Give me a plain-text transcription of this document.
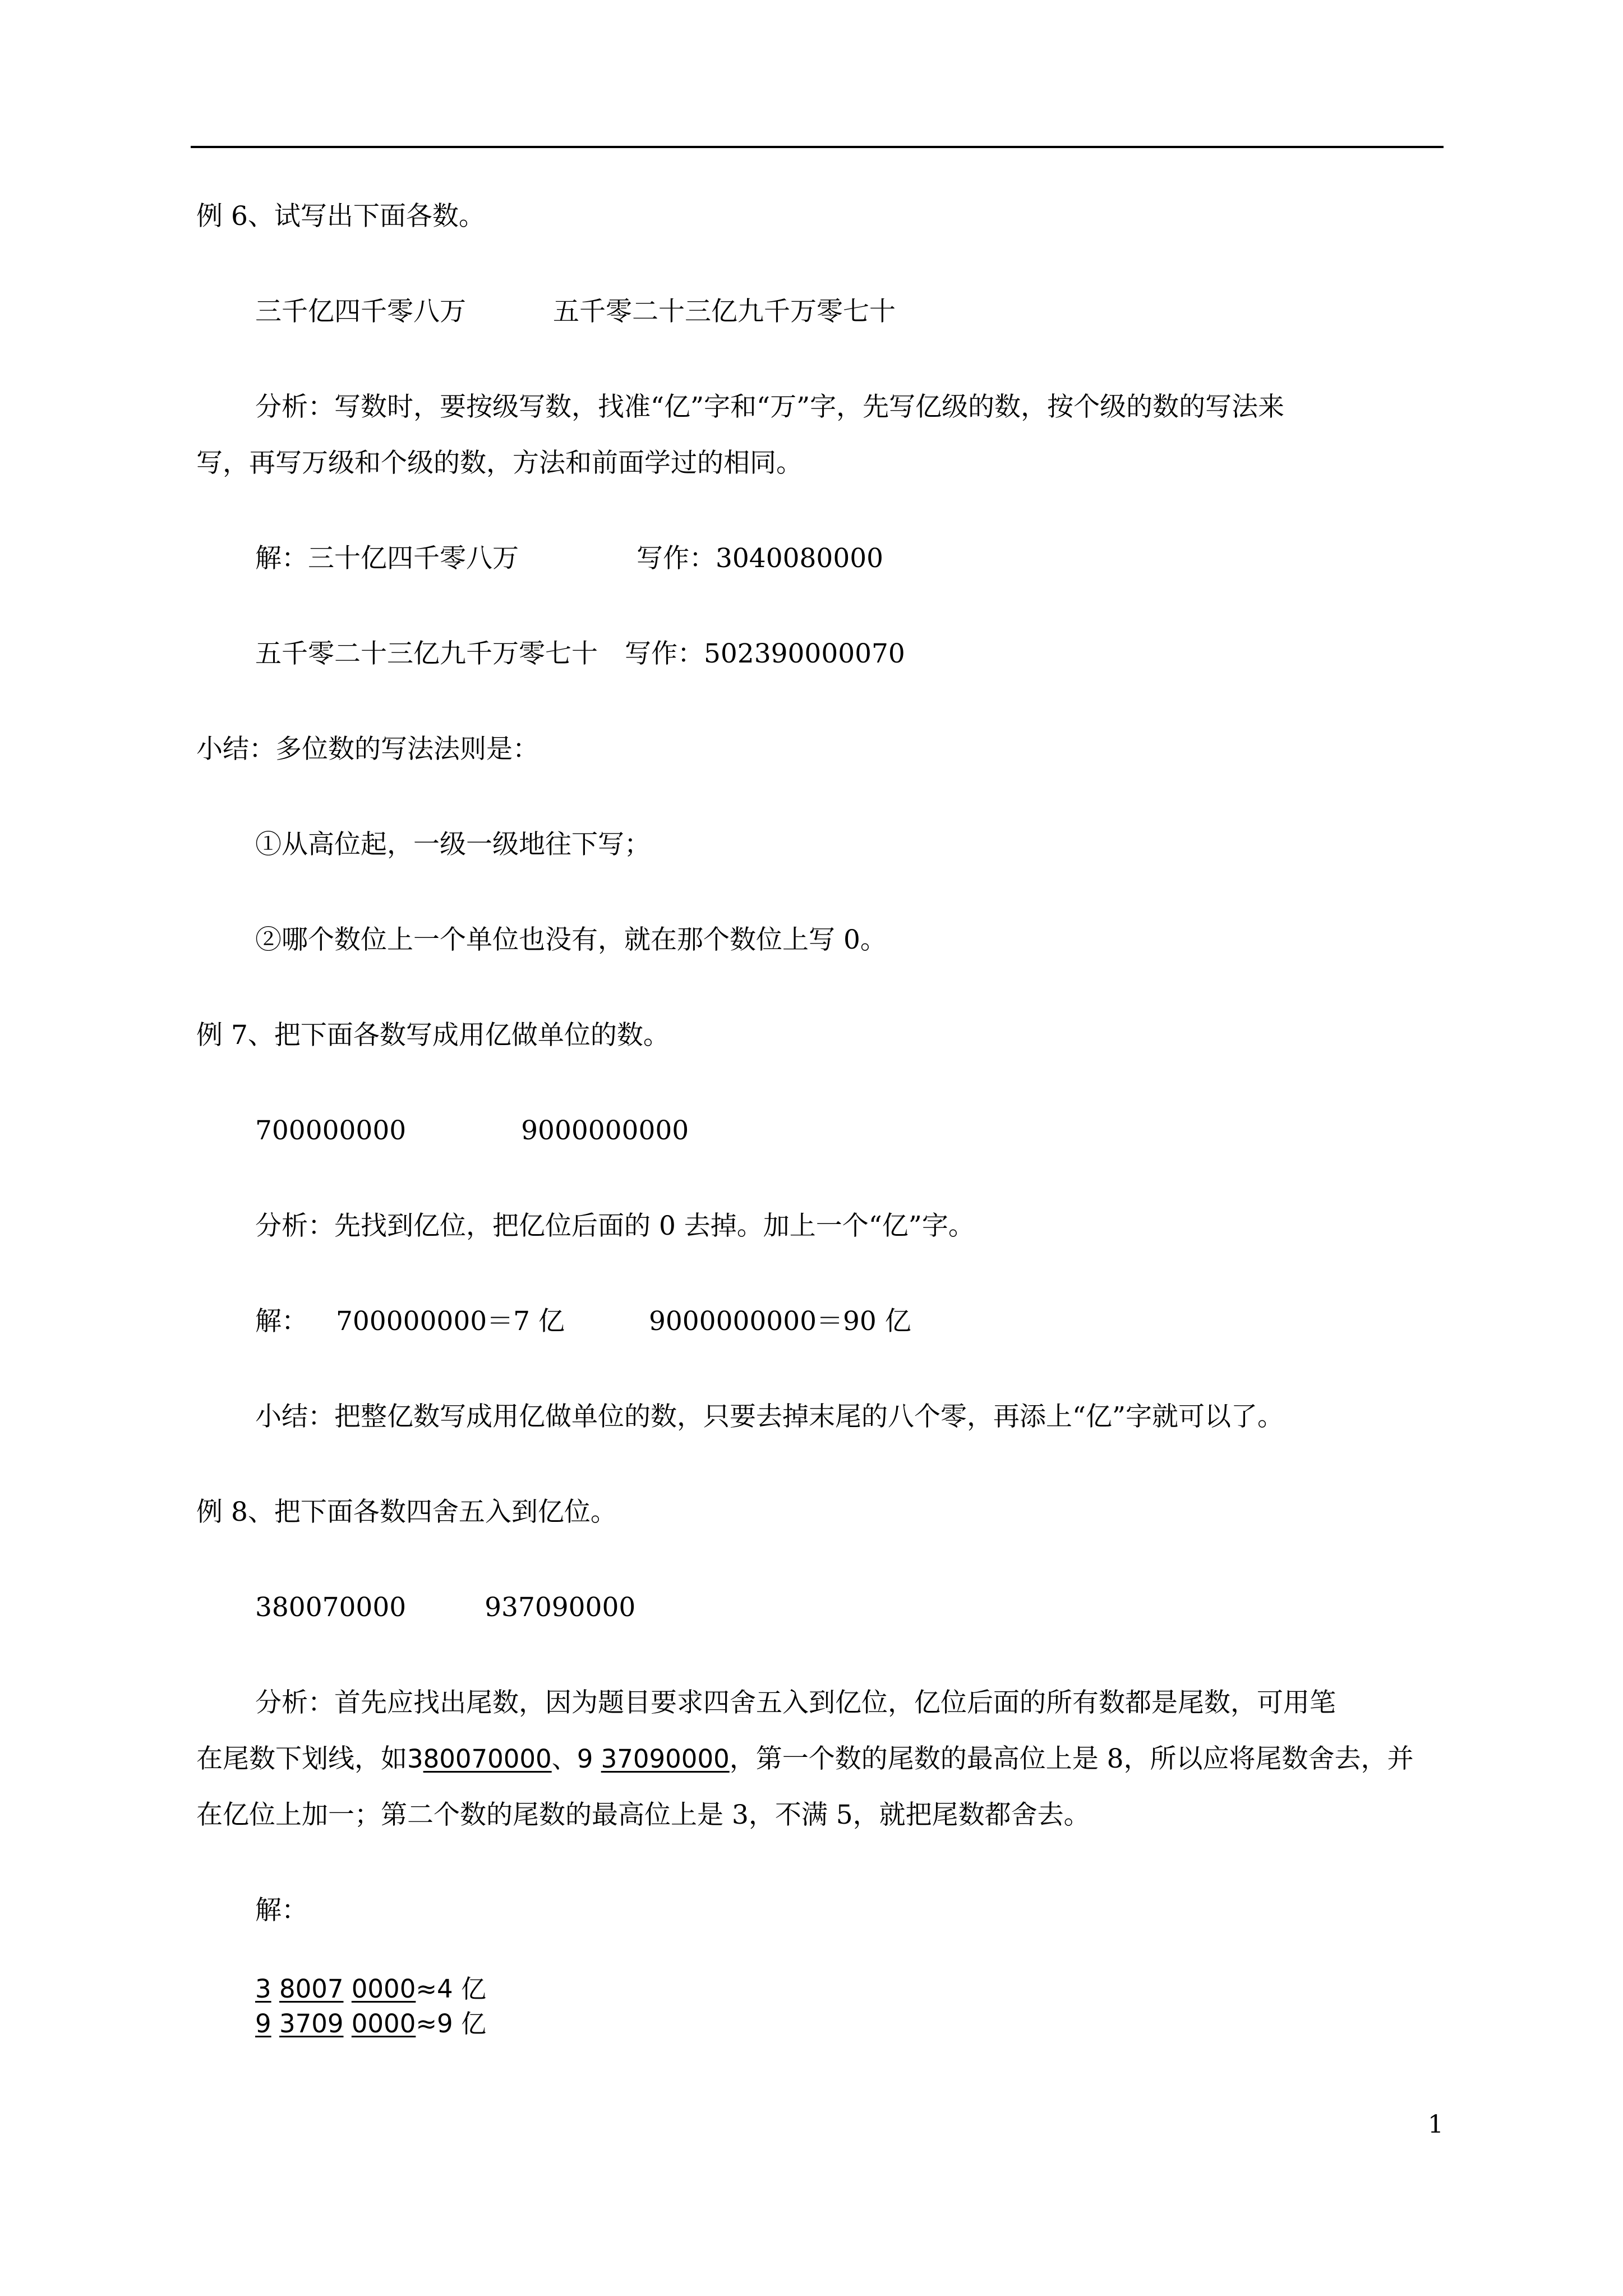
例 6、试写出下面各数。
三千亿四千零八万	五千零二十三亿九千万零七十
分析：写数时，要按级写数，找准“亿”字和“万”字，先写亿级的数，按个级的数的写法来
写，再写万级和个级的数，方法和前面学过的相同。
解：三十亿四千零八万	写作：3040080000
五千零二十三亿九千万零七十 写作：502390000070
小结：多位数的写法法则是：
①从高位起，一级一级地往下写；
②哪个数位上一个单位也没有，就在那个数位上写 0。
例 7、把下面各数写成用亿做单位的数。
700000000	9000000000
分析：先找到亿位，把亿位后面的 0 去掉。加上一个“亿”字。
解： 700000000＝7 亿	9000000000＝90 亿
小结：把整亿数写成用亿做单位的数，只要去掉末尾的八个零，再添上“亿”字就可以了。
例 8、把下面各数四舍五入到亿位。
380070000	937090000
分析：首先应找出尾数，因为题目要求四舍五入到亿位，亿位后面的所有数都是尾数，可用笔
在尾数下划线，如380070000、9 37090000，第一个数的尾数的最高位上是 8，所以应将尾数舍去，并
在亿位上加一；第二个数的尾数的最高位上是 3，不满 5，就把尾数都舍去。
解：
3 8007 0000≈4 亿
9 3709 0000≈9 亿
1
